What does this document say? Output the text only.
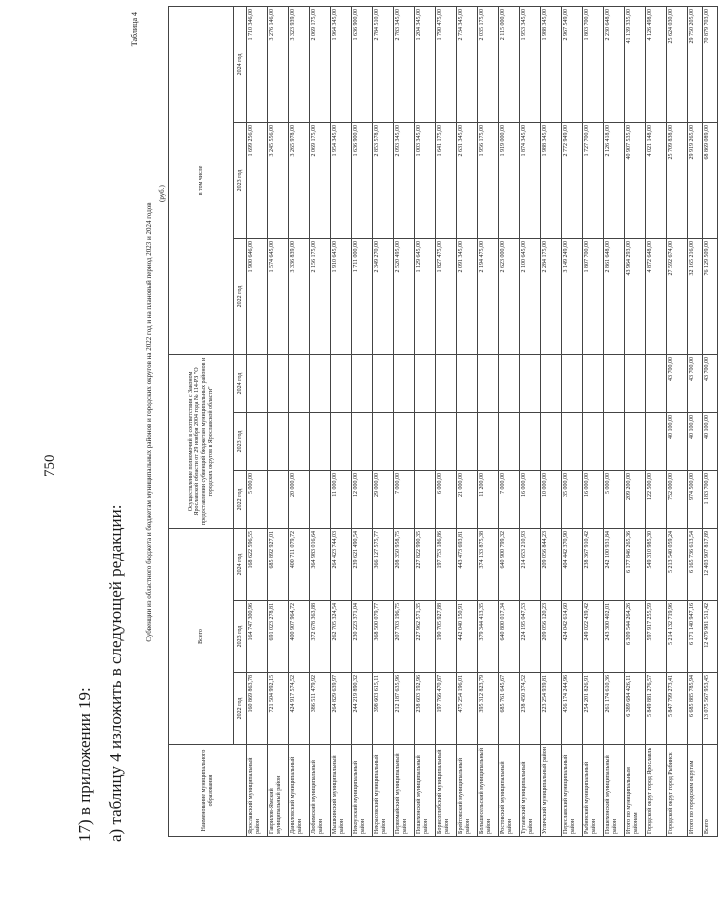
750
17) в приложении 19: а) таблицу 4 изложить в следующей редакции:
Таблица 4
Субвенции из областного бюджета и бюджетам муниципальных районов и городских округов на 2022 год и на плановый период 2023 и 2024 годов
(руб.)
Наименование муниципального образования	Всего			Осуществление полномочий в соответствии с Законом Ярославской области от 29 ноября 2004 года № 114-РЗ "О предоставлении субвенций бюджетам муниципальных районов и городских округов в Ярославской области"			в том числе		
	2022 год	2023 год	2024 год	2022 год	2023 год	2024 год	2022 год	2023 год	2024 год
Ярославский муниципальный район	160 869 863,78	164 747 300,96	168 622 596,55	5 000,00			1 900 646,00	1 699 256,00	1 710 346,00
Гаврилов-Ямский муниципальный район	721 504 992,15	691 023 278,81	685 892 927,01				1 574 645,00	3 245 556,00	3 276 146,00
Даниловский муниципальный район	424 917 574,52	400 907 964,72	400 711 079,72	20 000,00			3 336 839,00	3 265 978,00	3 323 939,00
Любимский муниципальный район	386 511 479,92	372 678 363,88	364 983 016,64				2 156 175,00	2 069 175,00	2 069 175,00
Мышкинский муниципальный район	264 829 639,97	262 705 324,54	264 423 744,03	11 000,00			1 910 645,00	1 954 345,00	1 964 345,00
Некоузский муниципальный район	244 219 890,32	230 223 371,04	239 621 490,54	12 000,00			1 711 000,00	1 636 900,00	1 636 900,00
Некрасовский муниципальный район	398 603 615,11	368 500 079,77	366 127 575,77	29 000,00			2 349 270,00	2 853 578,00	2 784 510,00
Первомайский муниципальный район	212 187 635,96	207 703 196,75	208 350 958,75	7 000,00			2 520 495,00	2 093 345,00	2 783 345,00
Пошехонский муниципальный район	238 603 192,96	227 962 571,35	227 822 990,35				1 129 645,00	1 003 345,00	1 204 345,00
Борисоглебский муниципальный район	197 766 470,87	190 705 927,88	197 753 186,86	6 000,00			1 827 475,00	1 641 175,00	1 790 475,00
Брейтовский муниципальный район	475 254 196,01	442 040 150,91	443 473 693,81	21 000,00			2 091 345,00	2 631 345,00	2 734 345,00
Большесельский муниципальный район	395 312 823,79	379 344 413,35	374 133 875,38	11 200,00			2 194 475,00	1 956 175,00	2 035 175,00
Ростовский муниципальный район	685 761 645,67	640 800 017,34	640 900 799,32	7 000,00			2 623 000,00	1 919 000,00	2 115 000,00
Тутаевский муниципальный район	238 450 374,52	224 195 047,53	214 653 210,93	16 000,00			2 100 645,00	1 874 345,00	1 953 345,00
Угличский муниципальный район	223 254 939,81	209 056 120,23	209 056 844,23	10 000,00			2 284 175,00	1 988 345,00	1 988 345,00
Переславский муниципальный район	456 174 244,96	424 042 614,60	404 442 370,90	35 000,00			3 149 249,00	2 772 949,00	2 967 549,00
Рыбинский муниципальный район	254 201 826,91	249 022 439,42	238 367 910,42	16 000,00			1 807 700,00	1 727 700,00	1 803 700,00
Пошехонский муниципальный район	261 174 610,36	243 300 402,01	242 100 931,84	5 000,00			2 861 648,00	2 126 418,00	2 230 648,00
Итого по муниципальным районам	6 389 684 426,11	6 309 544 264,26	6 177 846 265,36	209 200,00			43 964 293,00	40 907 535,00	41 139 335,00
Городской округ город Ярославль	5 849 881 276,57	597 917 255,59	549 310 985,30	122 500,00			4 872 648,00	4 021 148,00	4 126 498,00
Городской округ город Рыбинск	5 847 799 273,41	5 214 132 719,96	5 213 540 059,24	752 000,00	40 100,00	43 700,00	27 592 674,00	25 709 838,00	25 624 030,00
Итого по городским округам	6 685 885 785,94	6 171 140 947,16	6 165 736 613,54	974 500,00	40 100,00	43 700,00	32 165 216,00	29 919 265,00	29 750 205,00
Всего	13 075 567 953,45	12 479 981 511,42	12 403 907 817,89	1 183 700,00	40 100,00	43 700,00	76 129 509,00	68 869 089,00	70 879 703,00
